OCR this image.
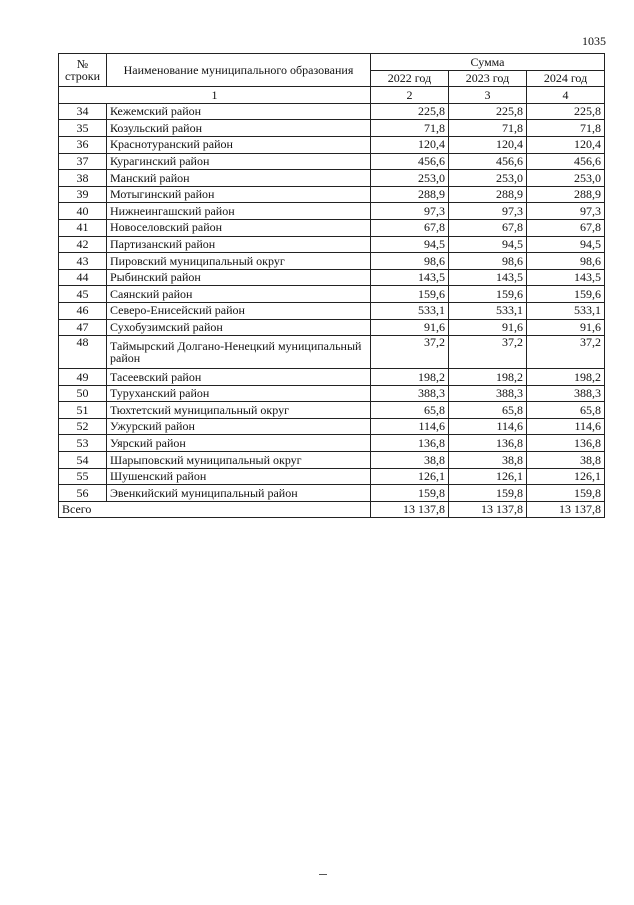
1035
№ строки	Наименование муниципального образования	Сумма		
		2022 год	2023 год	2024 год
1		2	3	4
34	Кежемский район	225,8	225,8	225,8
35	Козульский район	71,8	71,8	71,8
36	Краснотуранский район	120,4	120,4	120,4
37	Курагинский район	456,6	456,6	456,6
38	Манский район	253,0	253,0	253,0
39	Мотыгинский район	288,9	288,9	288,9
40	Нижнеингашский район	97,3	97,3	97,3
41	Новоселовский район	67,8	67,8	67,8
42	Партизанский район	94,5	94,5	94,5
43	Пировский муниципальный округ	98,6	98,6	98,6
44	Рыбинский район	143,5	143,5	143,5
45	Саянский район	159,6	159,6	159,6
46	Северо-Енисейский район	533,1	533,1	533,1
47	Сухобузимский район	91,6	91,6	91,6
48	Таймырский Долгано-Ненецкий муниципальный район	37,2	37,2	37,2
49	Тасеевский район	198,2	198,2	198,2
50	Туруханский район	388,3	388,3	388,3
51	Тюхтетский муниципальный округ	65,8	65,8	65,8
52	Ужурский район	114,6	114,6	114,6
53	Уярский район	136,8	136,8	136,8
54	Шарыповский муниципальный округ	38,8	38,8	38,8
55	Шушенский район	126,1	126,1	126,1
56	Эвенкийский муниципальный район	159,8	159,8	159,8
Всего		13 137,8	13 137,8	13 137,8
